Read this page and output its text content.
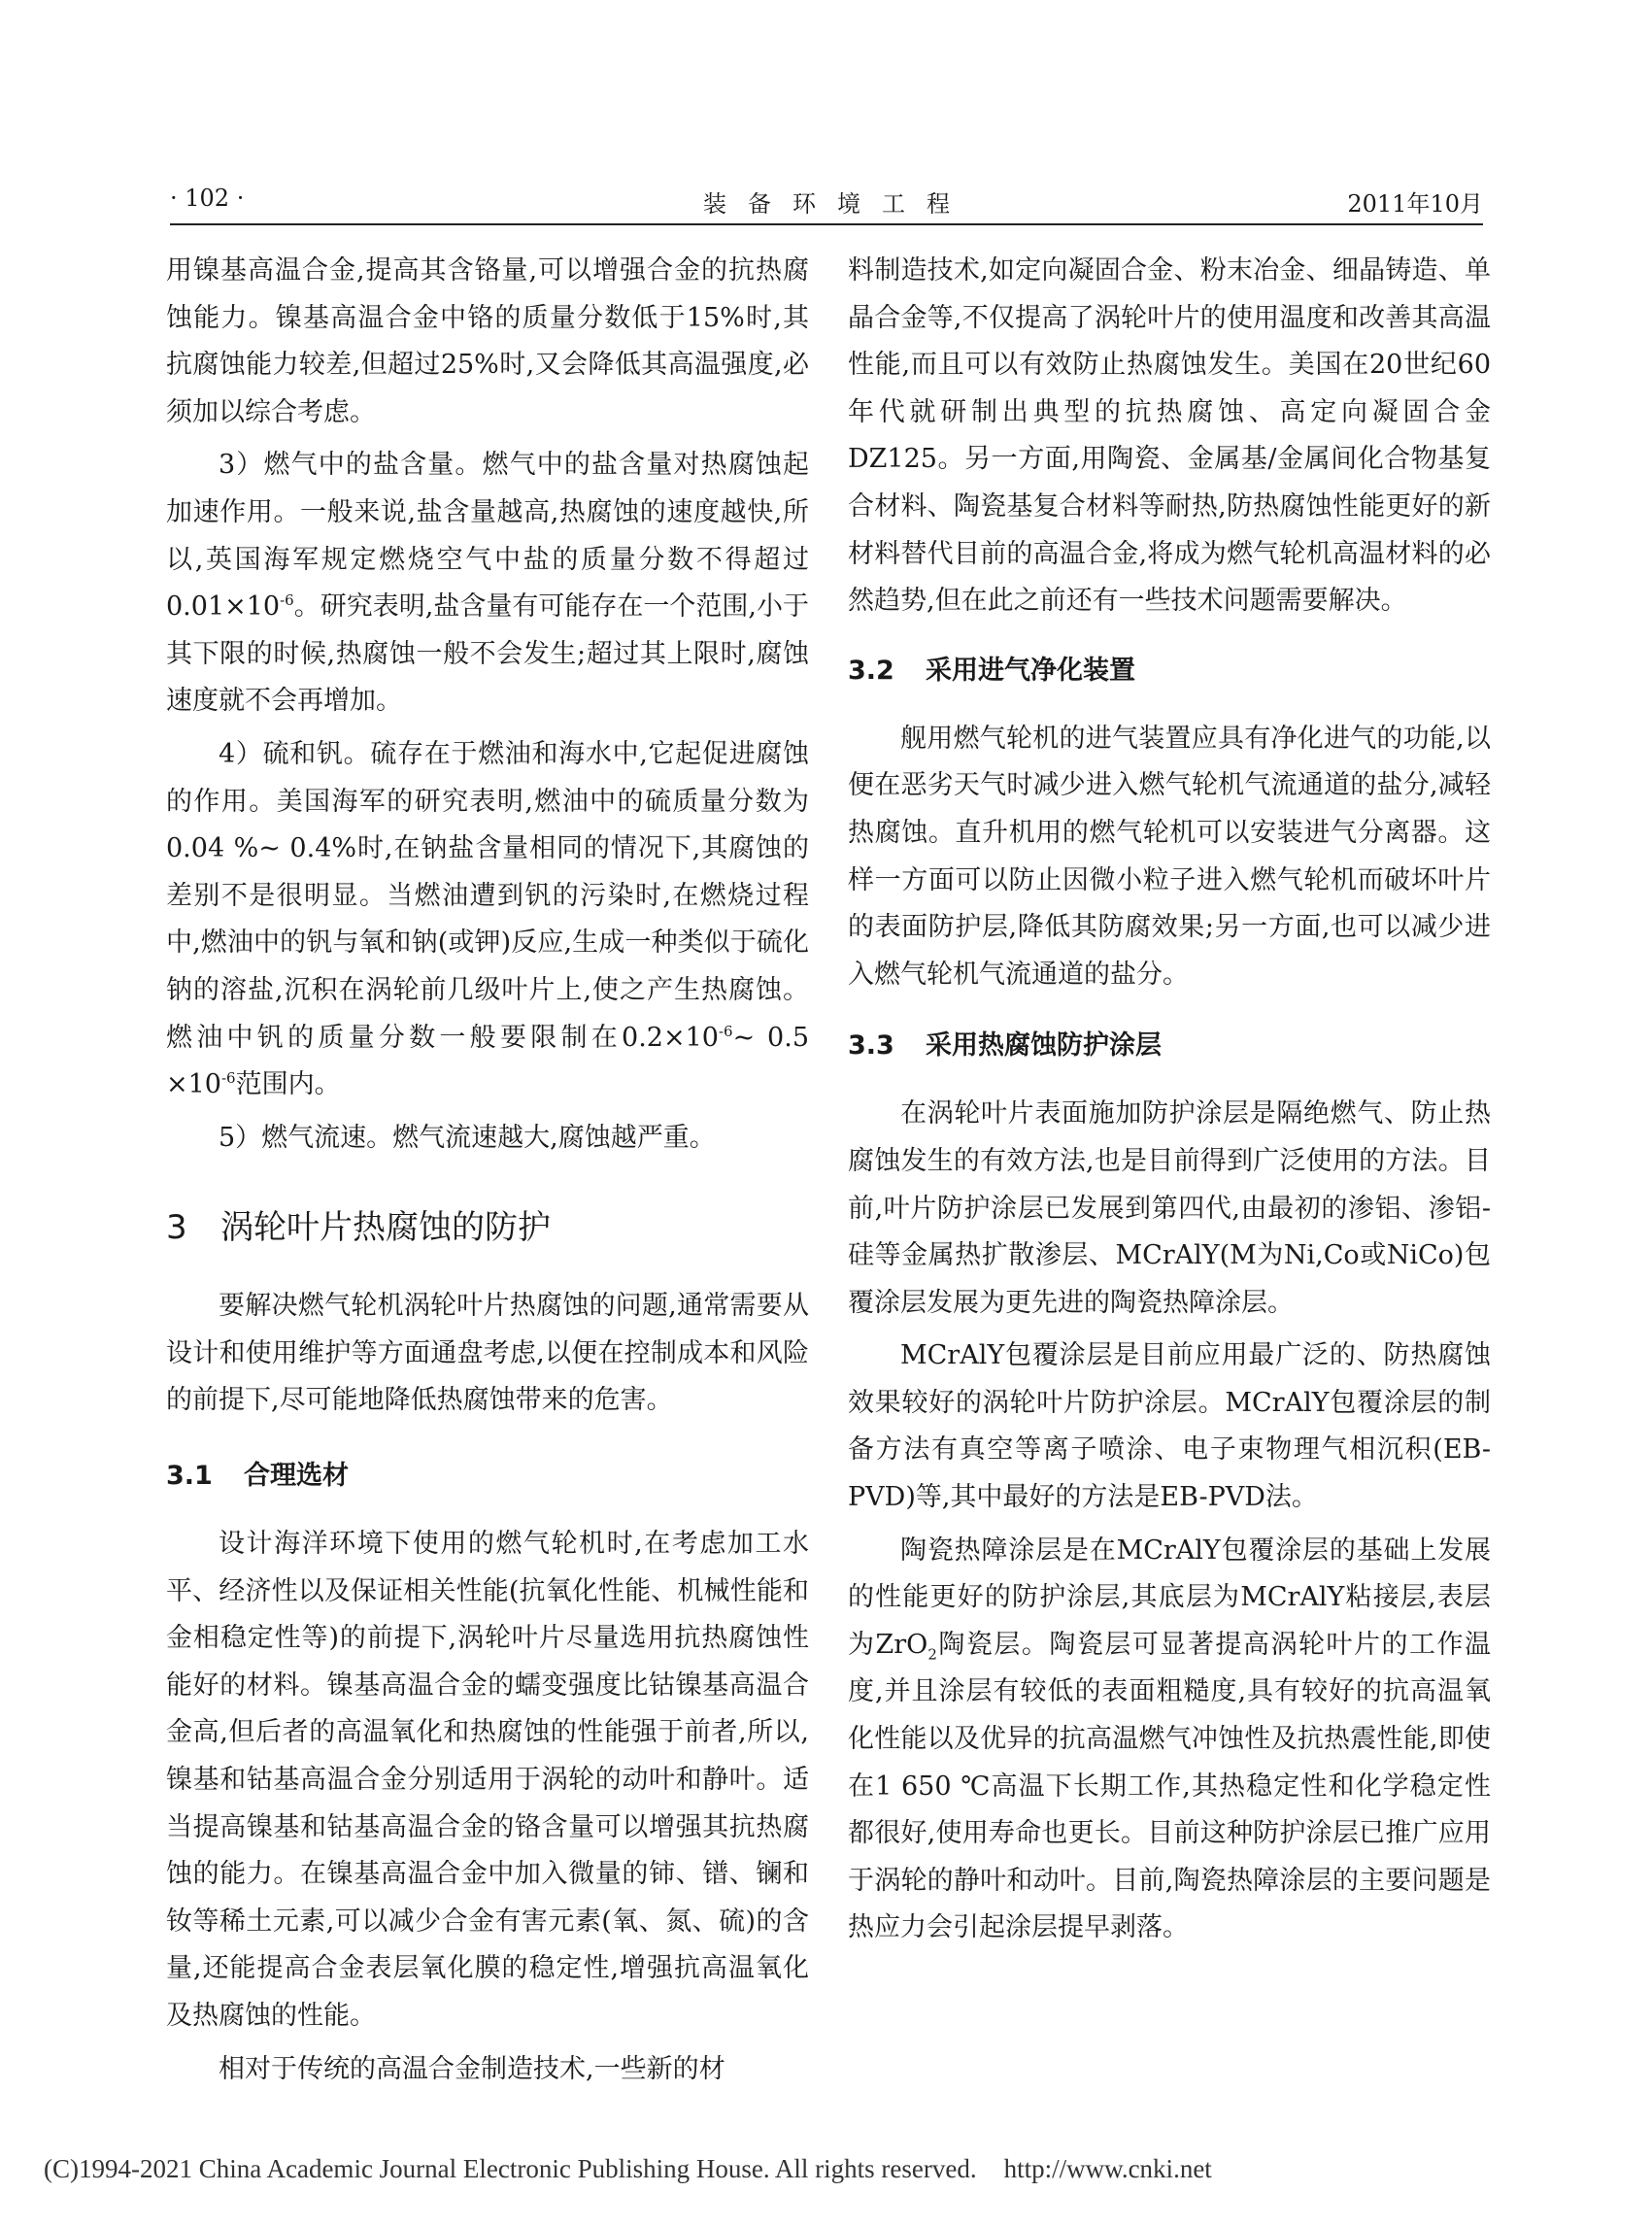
· 102 ·	装备环境工程	2011年10月

用镍基高温合金,提高其含铬量,可以增强合金的抗热腐蚀能力。镍基高温合金中铬的质量分数低于15%时,其抗腐蚀能力较差,但超过25%时,又会降低其高温强度,必须加以综合考虑。

3）燃气中的盐含量。燃气中的盐含量对热腐蚀起加速作用。一般来说,盐含量越高,热腐蚀的速度越快,所以,英国海军规定燃烧空气中盐的质量分数不得超过$0.01\times 10^{-6}$。研究表明,盐含量有可能存在一个范围,小于其下限的时候,热腐蚀一般不会发生;超过其上限时,腐蚀速度就不会再增加。

4）硫和钒。硫存在于燃油和海水中,它起促进腐蚀的作用。美国海军的研究表明,燃油中的硫质量分数为0.04 %~ 0.4%时,在钠盐含量相同的情况下,其腐蚀的差别不是很明显。当燃油遭到钒的污染时,在燃烧过程中,燃油中的钒与氧和钠(或钾)反应,生成一种类似于硫化钠的溶盐,沉积在涡轮前几级叶片上,使之产生热腐蚀。燃油中钒的质量分数一般要限制在$0.2\times 10^{-6}\sim$ $0.5 \times 10^{-6}$范围内。

5）燃气流速。燃气流速越大,腐蚀越严重。

3 涡轮叶片热腐蚀的防护

要解决燃气轮机涡轮叶片热腐蚀的问题,通常需要从设计和使用维护等方面通盘考虑,以便在控制成本和风险的前提下,尽可能地降低热腐蚀带来的危害。

3.1 合理选材

设计海洋环境下使用的燃气轮机时,在考虑加工水平、经济性以及保证相关性能(抗氧化性能、机械性能和金相稳定性等)的前提下,涡轮叶片尽量选用抗热腐蚀性能好的材料。镍基高温合金的蠕变强度比钴镍基高温合金高,但后者的高温氧化和热腐蚀的性能强于前者,所以,镍基和钴基高温合金分别适用于涡轮的动叶和静叶。适当提高镍基和钴基高温合金的铬含量可以增强其抗热腐蚀的能力。在镍基高温合金中加入微量的铈、镨、镧和钕等稀土元素,可以减少合金有害元素(氧、氮、硫)的含量,还能提高合金表层氧化膜的稳定性,增强抗高温氧化及热腐蚀的性能。

相对于传统的高温合金制造技术,一些新的材

料制造技术,如定向凝固合金、粉末冶金、细晶铸造、单晶合金等,不仅提高了涡轮叶片的使用温度和改善其高温性能,而且可以有效防止热腐蚀发生。美国在20世纪60年代就研制出典型的抗热腐蚀、高定向凝固合金DZ125。另一方面,用陶瓷、金属基/金属间化合物基复合材料、陶瓷基复合材料等耐热,防热腐蚀性能更好的新材料替代目前的高温合金,将成为燃气轮机高温材料的必然趋势,但在此之前还有一些技术问题需要解决。

3.2 采用进气净化装置

舰用燃气轮机的进气装置应具有净化进气的功能,以便在恶劣天气时减少进入燃气轮机气流通道的盐分,减轻热腐蚀。直升机用的燃气轮机可以安装进气分离器。这样一方面可以防止因微小粒子进入燃气轮机而破坏叶片的表面防护层,降低其防腐效果;另一方面,也可以减少进入燃气轮机气流通道的盐分。

3.3 采用热腐蚀防护涂层

在涡轮叶片表面施加防护涂层是隔绝燃气、防止热腐蚀发生的有效方法,也是目前得到广泛使用的方法。目前,叶片防护涂层已发展到第四代,由最初的渗铝、渗铝-硅等金属热扩散渗层、MCrAlY(M为Ni,Co或NiCo)包覆涂层发展为更先进的陶瓷热障涂层。

MCrAlY包覆涂层是目前应用最广泛的、防热腐蚀效果较好的涡轮叶片防护涂层。MCrAlY包覆涂层的制备方法有真空等离子喷涂、电子束物理气相沉积(EB-PVD)等,其中最好的方法是EB-PVD法。

陶瓷热障涂层是在MCrAlY包覆涂层的基础上发展的性能更好的防护涂层,其底层为MCrAlY粘接层,表层为ZrO$_2$陶瓷层。陶瓷层可显著提高涡轮叶片的工作温度,并且涂层有较低的表面粗糙度,具有较好的抗高温氧化性能以及优异的抗高温燃气冲蚀性及抗热震性能,即使在1 650 ℃高温下长期工作,其热稳定性和化学稳定性都很好,使用寿命也更长。目前这种防护涂层已推广应用于涡轮的静叶和动叶。目前,陶瓷热障涂层的主要问题是热应力会引起涂层提早剥落。

(C)1994-2021 China Academic Journal Electronic Publishing House. All rights reserved. http://www.cnki.net
